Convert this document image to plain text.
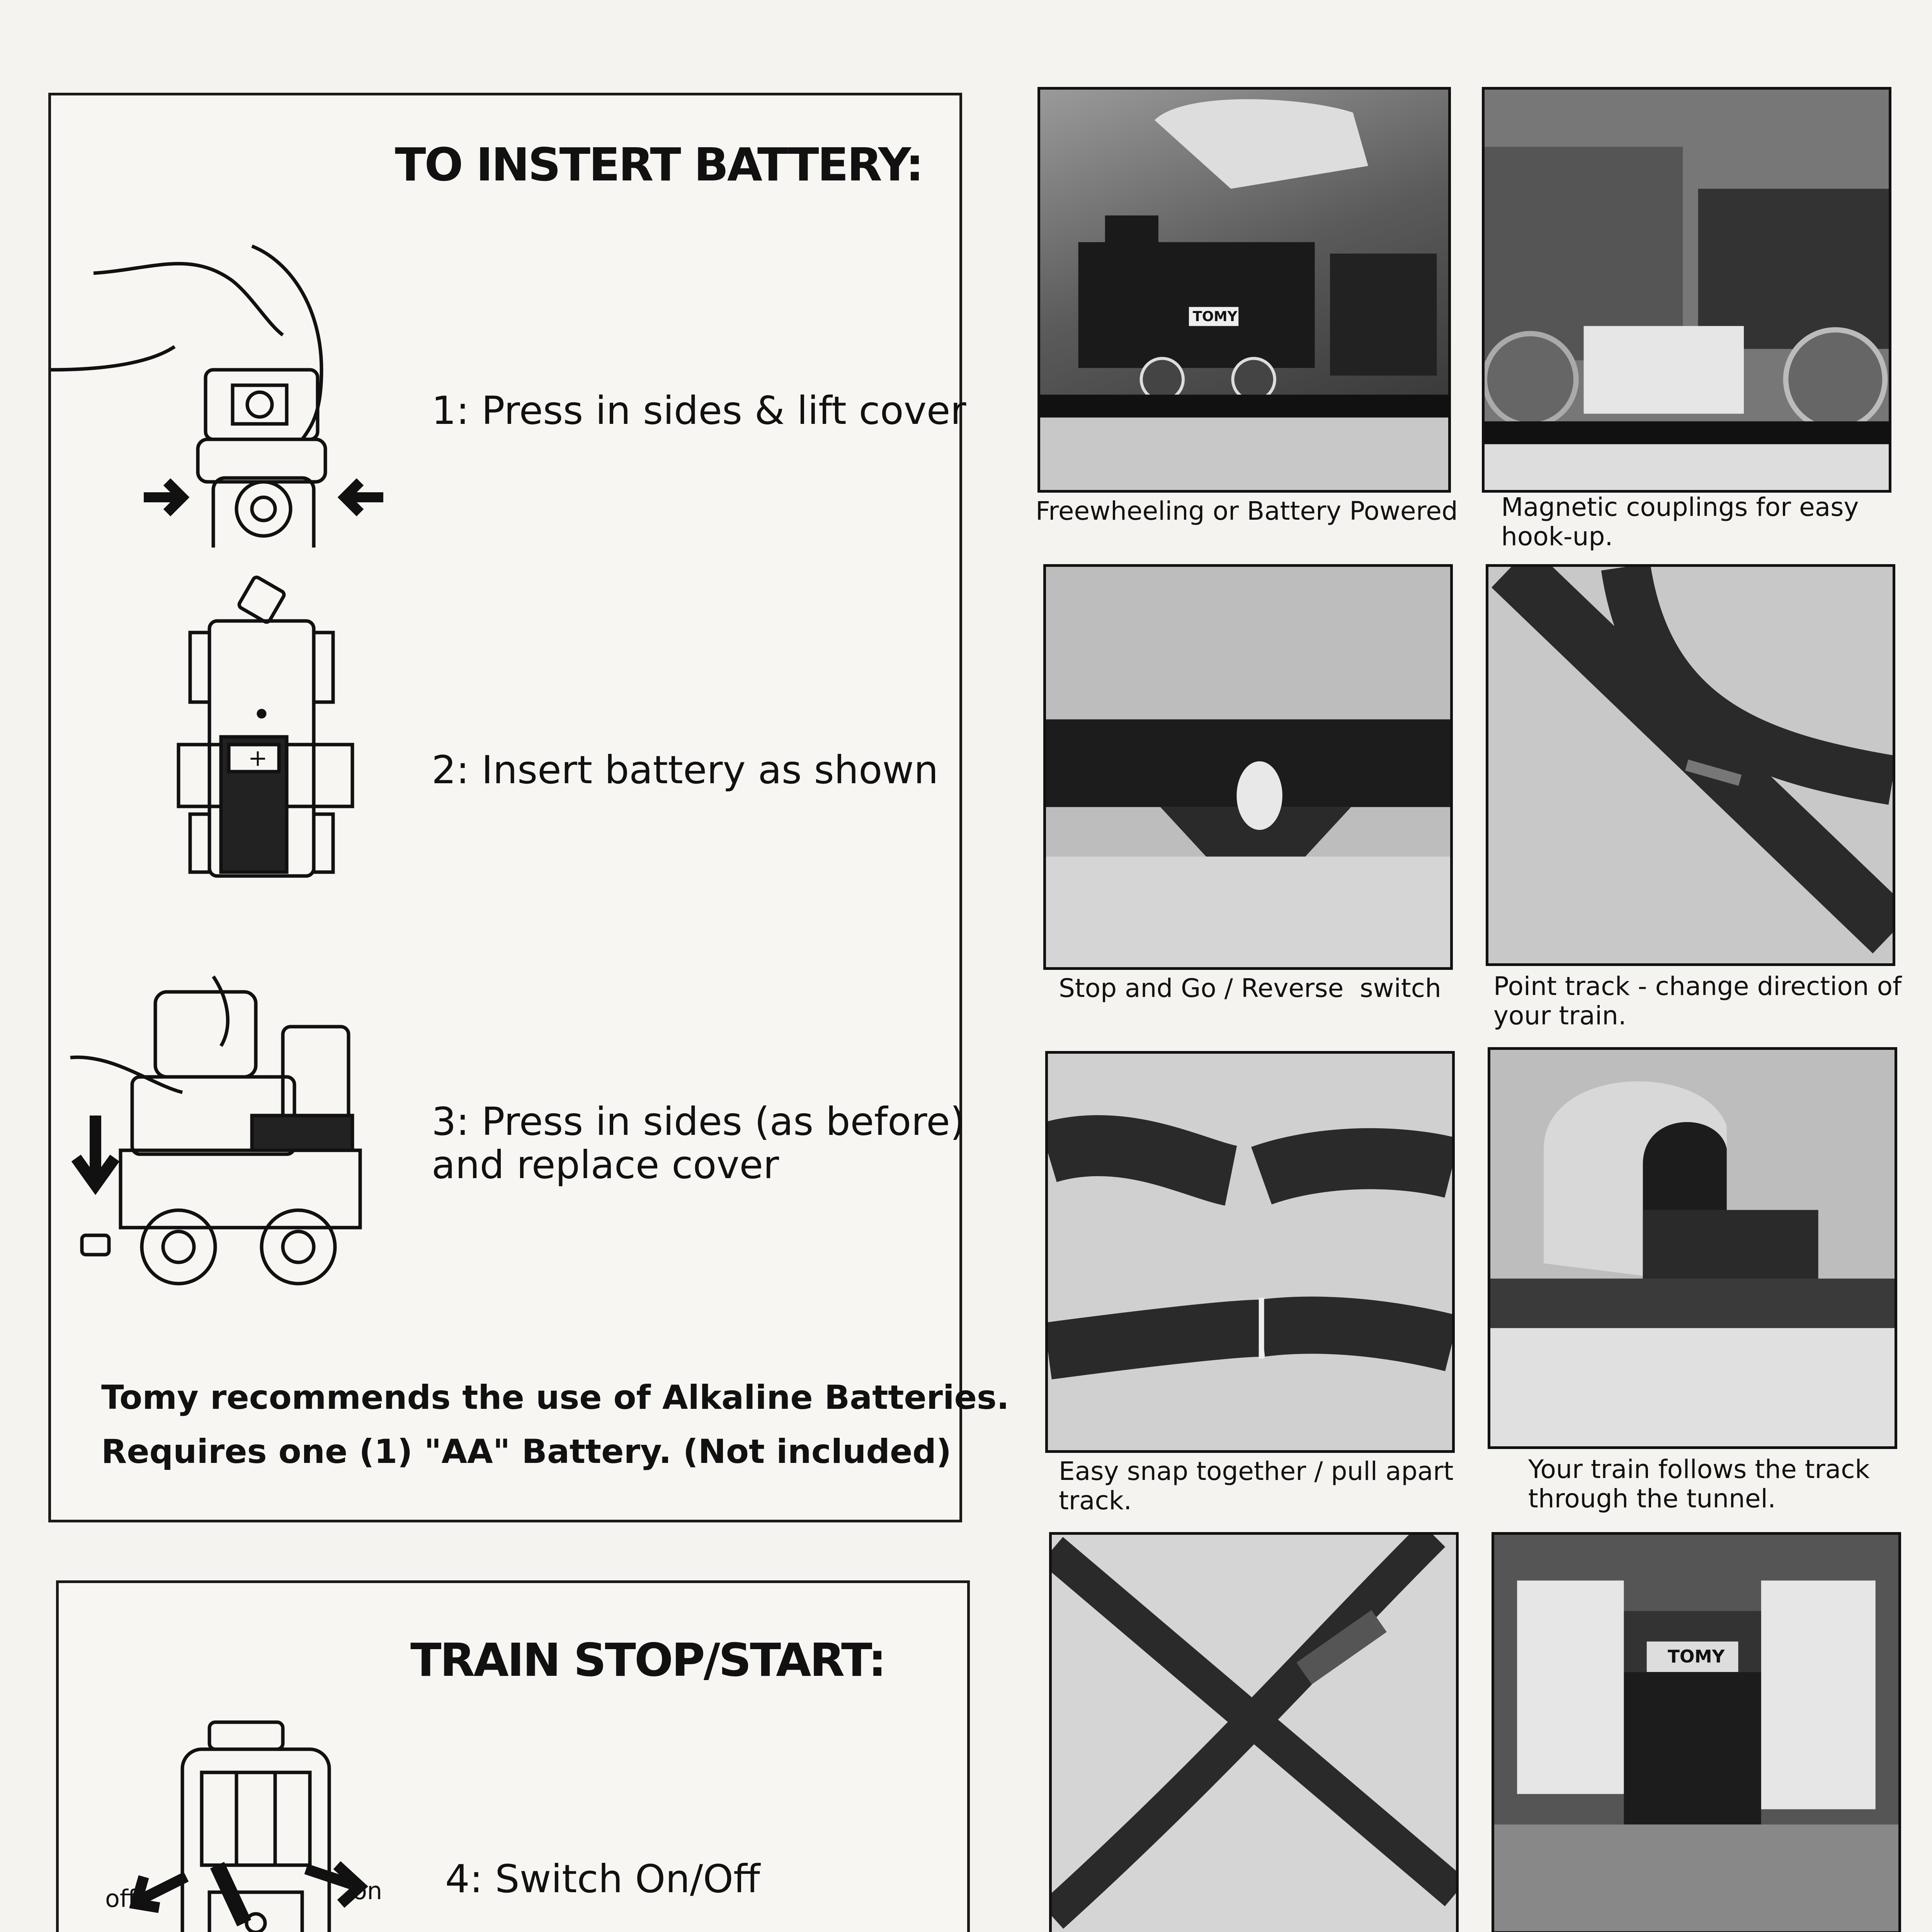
TO INSTERT BATTERY:
1: Press in sides & lift cover
+	2: Insert battery as shown
3: Press in sides (as before)
and replace cover
Tomy recommends the use of Alkaline Batteries.
Requires one (1) "AA" Battery. (Not included)
TRAIN STOP/START:
off	on 4: Switch On/Off
TOMY
Freewheeling or Battery Powered Magnetic couplings for easy
hook-up.
Stop and Go / Reverse  switch Point track - change direction of
your train.
Easy snap together / pull apart
track.
Your train follows the track
through the tunnel.
TOMY
